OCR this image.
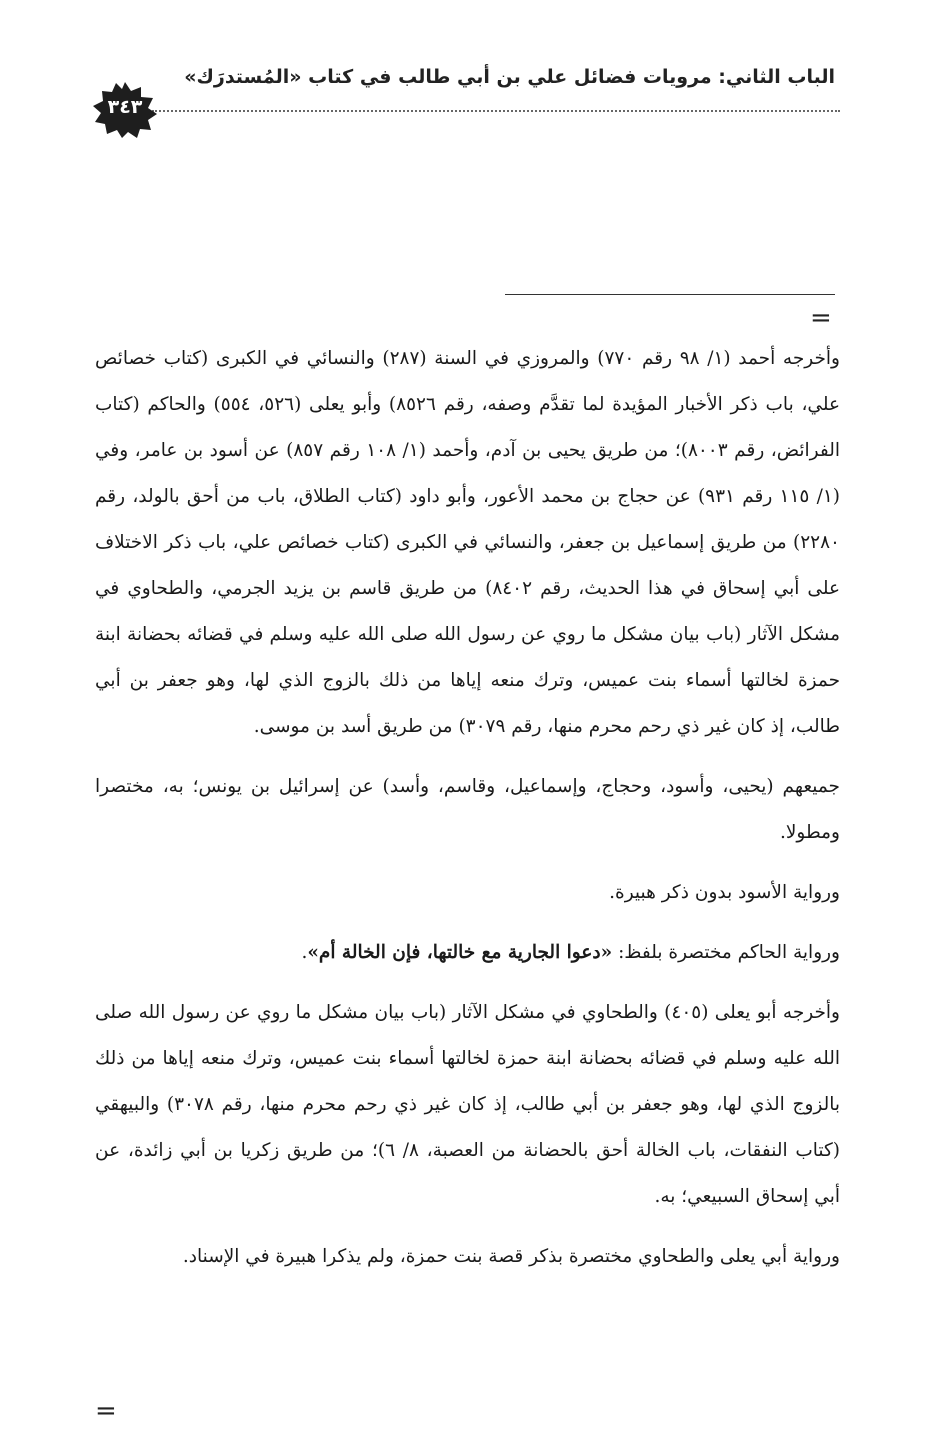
الباب الثاني: مرويات فضائل علي بن أبي طالب في كتاب «المُستدرَك»
٣٤٣
=

وأخرجه أحمد (١/ ٩٨ رقم ٧٧٠) والمروزي في السنة (٢٨٧) والنسائي في الكبرى (كتاب خصائص علي، باب ذكر الأخبار المؤيدة لما تقدَّم وصفه، رقم ٨٥٢٦) وأبو يعلى (٥٢٦، ٥٥٤) والحاكم (كتاب الفرائض، رقم ٨٠٠٣)؛ من طريق يحيى بن آدم، وأحمد (١/ ١٠٨ رقم ٨٥٧) عن أسود بن عامر، وفي (١/ ١١٥ رقم ٩٣١) عن حجاج بن محمد الأعور، وأبو داود (كتاب الطلاق، باب من أحق بالولد، رقم ٢٢٨٠) من طريق إسماعيل بن جعفر، والنسائي في الكبرى (كتاب خصائص علي، باب ذكر الاختلاف على أبي إسحاق في هذا الحديث، رقم ٨٤٠٢) من طريق قاسم بن يزيد الجرمي، والطحاوي في مشكل الآثار (باب بيان مشكل ما روي عن رسول الله صلى الله عليه وسلم في قضائه بحضانة ابنة حمزة لخالتها أسماء بنت عميس، وترك منعه إياها من ذلك بالزوج الذي لها، وهو جعفر بن أبي طالب، إذ كان غير ذي رحم محرم منها، رقم ٣٠٧٩) من طريق أسد بن موسى.

جميعهم (يحيى، وأسود، وحجاج، وإسماعيل، وقاسم، وأسد) عن إسرائيل بن يونس؛ به، مختصرا ومطولا.

ورواية الأسود بدون ذكر هبيرة.

ورواية الحاكم مختصرة بلفظ: «دعوا الجارية مع خالتها، فإن الخالة أم».

وأخرجه أبو يعلى (٤٠٥) والطحاوي في مشكل الآثار (باب بيان مشكل ما روي عن رسول الله صلى الله عليه وسلم في قضائه بحضانة ابنة حمزة لخالتها أسماء بنت عميس، وترك منعه إياها من ذلك بالزوج الذي لها، وهو جعفر بن أبي طالب، إذ كان غير ذي رحم محرم منها، رقم ٣٠٧٨) والبيهقي (كتاب النفقات، باب الخالة أحق بالحضانة من العصبة، ٨/ ٦)؛ من طريق زكريا بن أبي زائدة، عن أبي إسحاق السبيعي؛ به.

ورواية أبي يعلى والطحاوي مختصرة بذكر قصة بنت حمزة، ولم يذكرا هبيرة في الإسناد.

=
